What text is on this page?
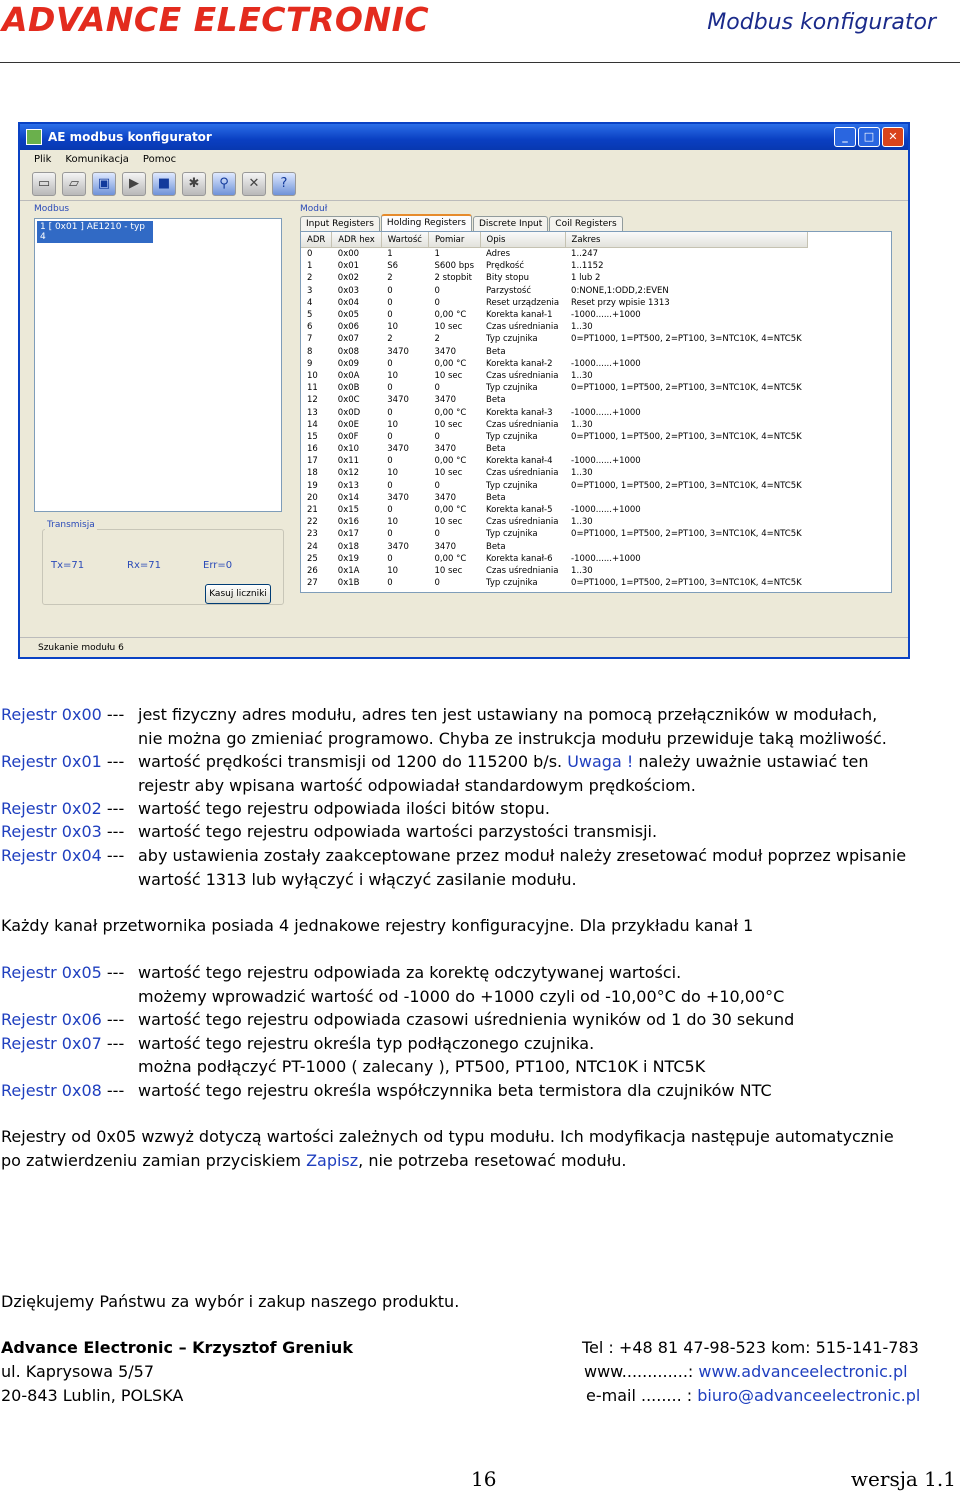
ADVANCE ELECTRONIC	Modbus konfigurator
AE modbus konfigurator	_	□	✕
Plik Komunikacja Pomoc
▭	▱	▣	▶	■	✱	⚲	✕	?
Modbus
1 [ 0x01 ] AE1210 - typ 4
Transmisja
Tx=71	Rx=71	Err=0
Kasuj liczniki
Moduł
Input Registers	Holding Registers	Discrete Input	Coil Registers
ADR	ADR hex	Wartość	Pomiar	Opis	Zakres
0	0x00	1	1	Adres	1..247
1	0x01	S6	S600 bps	Prędkość	1..1152
2	0x02	2	2 stopbit	Bity stopu	1 lub 2
3	0x03	0	0	Parzystość	0:NONE,1:ODD,2:EVEN
4	0x04	0	0	Reset urządzenia	Reset przy wpisie 1313
5	0x05	0	0,00 °C	Korekta kanał-1	-1000......+1000
6	0x06	10	10 sec	Czas uśredniania	1..30
7	0x07	2	2	Typ czujnika	0=PT1000, 1=PT500, 2=PT100, 3=NTC10K, 4=NTC5K
8	0x08	3470	3470	Beta	
9	0x09	0	0,00 °C	Korekta kanał-2	-1000......+1000
10	0x0A	10	10 sec	Czas uśredniania	1..30
11	0x0B	0	0	Typ czujnika	0=PT1000, 1=PT500, 2=PT100, 3=NTC10K, 4=NTC5K
12	0x0C	3470	3470	Beta	
13	0x0D	0	0,00 °C	Korekta kanał-3	-1000......+1000
14	0x0E	10	10 sec	Czas uśredniania	1..30
15	0x0F	0	0	Typ czujnika	0=PT1000, 1=PT500, 2=PT100, 3=NTC10K, 4=NTC5K
16	0x10	3470	3470	Beta	
17	0x11	0	0,00 °C	Korekta kanał-4	-1000......+1000
18	0x12	10	10 sec	Czas uśredniania	1..30
19	0x13	0	0	Typ czujnika	0=PT1000, 1=PT500, 2=PT100, 3=NTC10K, 4=NTC5K
20	0x14	3470	3470	Beta	
21	0x15	0	0,00 °C	Korekta kanał-5	-1000......+1000
22	0x16	10	10 sec	Czas uśredniania	1..30
23	0x17	0	0	Typ czujnika	0=PT1000, 1=PT500, 2=PT100, 3=NTC10K, 4=NTC5K
24	0x18	3470	3470	Beta	
25	0x19	0	0,00 °C	Korekta kanał-6	-1000......+1000
26	0x1A	10	10 sec	Czas uśredniania	1..30
27	0x1B	0	0	Typ czujnika	0=PT1000, 1=PT500, 2=PT100, 3=NTC10K, 4=NTC5K
Szukanie modułu 6
Rejestr 0x00 --- jest fizyczny adres modułu, adres ten jest ustawiany na pomocą przełączników w modułach,
nie można go zmieniać programowo. Chyba ze instrukcja modułu przewiduje taką możliwość.
Rejestr 0x01 --- wartość prędkości transmisji od 1200 do 115200 b/s. Uwaga ! należy uważnie ustawiać ten
rejestr aby wpisana wartość odpowiadał standardowym prędkościom.
Rejestr 0x02 --- wartość tego rejestru odpowiada ilości bitów stopu.
Rejestr 0x03 --- wartość tego rejestru odpowiada wartości parzystości transmisji.
Rejestr 0x04 --- aby ustawienia zostały zaakceptowane przez moduł należy zresetować moduł poprzez wpisanie
wartość 1313 lub wyłączyć i włączyć zasilanie modułu.
Każdy kanał przetwornika posiada 4 jednakowe rejestry konfiguracyjne. Dla przykładu kanał 1
Rejestr 0x05 --- wartość tego rejestru odpowiada za korektę odczytywanej wartości.
możemy wprowadzić wartość od -1000 do +1000 czyli od -10,00°C do +10,00°C
Rejestr 0x06 --- wartość tego rejestru odpowiada czasowi uśrednienia wyników od 1 do 30 sekund
Rejestr 0x07 --- wartość tego rejestru określa typ podłączonego czujnika.
można podłączyć PT-1000 ( zalecany ), PT500, PT100, NTC10K i NTC5K
Rejestr 0x08 --- wartość tego rejestru określa współczynnika beta termistora dla czujników NTC
Rejestry od 0x05 wzwyż dotyczą wartości zależnych od typu modułu. Ich modyfikacja następuje automatycznie
po zatwierdzeniu zamian przyciskiem Zapisz, nie potrzeba resetować modułu.
Dziękujemy Państwu za wybór i zakup naszego produktu.
Advance Electronic – Krzysztof Greniuk
ul. Kaprysowa 5/57
20-843 Lublin, POLSKA
Tel : +48 81 47-98-523 kom: 515-141-783
www.............: www.advanceelectronic.pl
e-mail ........ : biuro@advanceelectronic.pl
16	wersja 1.1
